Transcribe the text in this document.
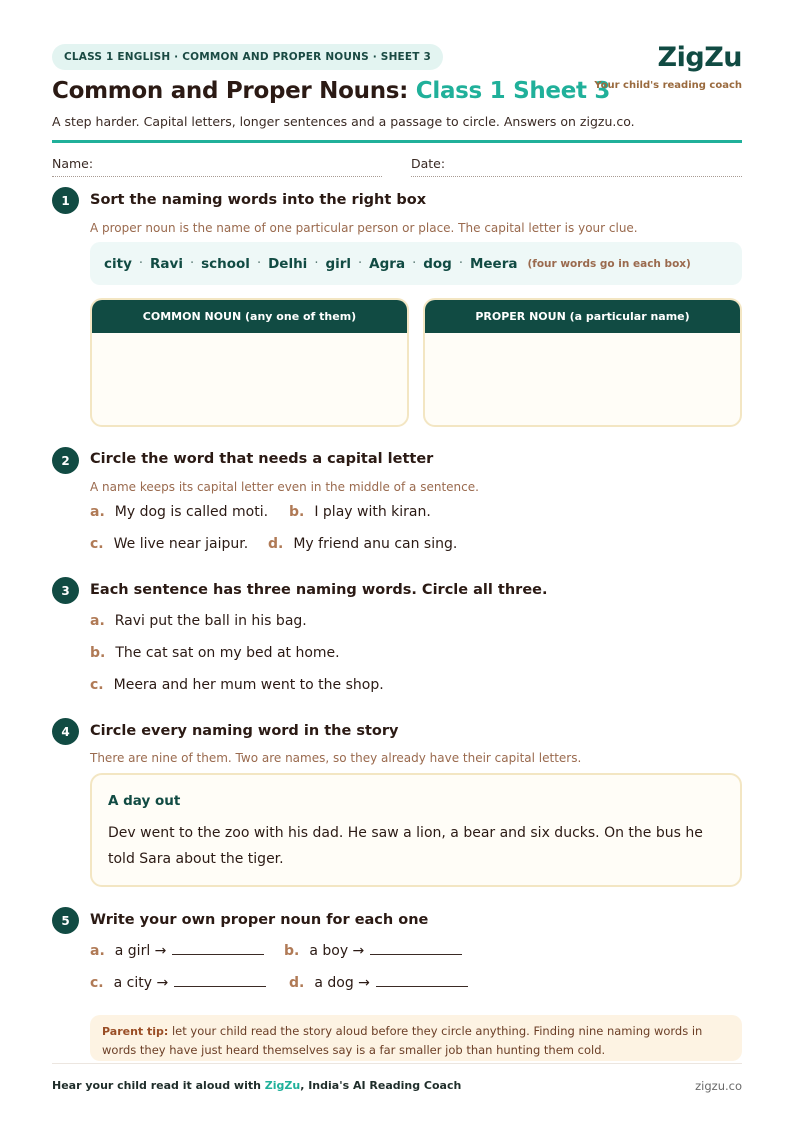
CLASS 1 ENGLISH · COMMON AND PROPER NOUNS · SHEET 3
Common and Proper Nouns: Class 1 Sheet 3
ZigZu
Your child's reading coach
A step harder. Capital letters, longer sentences and a passage to circle. Answers on zigzu.co.
Name:	Date:
1	Sort the naming words into the right box
A proper noun is the name of one particular person or place. The capital letter is your clue.
city · Ravi · school · Delhi · girl · Agra · dog · Meera (four words go in each box)
COMMON NOUN (any one of them)	PROPER NOUN (a particular name)
2	Circle the word that needs a capital letter
A name keeps its capital letter even in the middle of a sentence.
a. My dog is called moti. b. I play with kiran.
c. We live near jaipur. d. My friend anu can sing.
3	Each sentence has three naming words. Circle all three.
a. Ravi put the ball in his bag.
b. The cat sat on my bed at home.
c. Meera and her mum went to the shop.
4	Circle every naming word in the story
There are nine of them. Two are names, so they already have their capital letters.
A day out
Dev went to the zoo with his dad. He saw a lion, a bear and six ducks. On the bus he told Sara about the tiger.
5	Write your own proper noun for each one
a. a girl →	b. a boy →
c. a city →	d. a dog →
Parent tip: let your child read the story aloud before they circle anything. Finding nine naming words in words they have just heard themselves say is a far smaller job than hunting them cold.
Hear your child read it aloud with ZigZu, India's AI Reading Coach	zigzu.co
